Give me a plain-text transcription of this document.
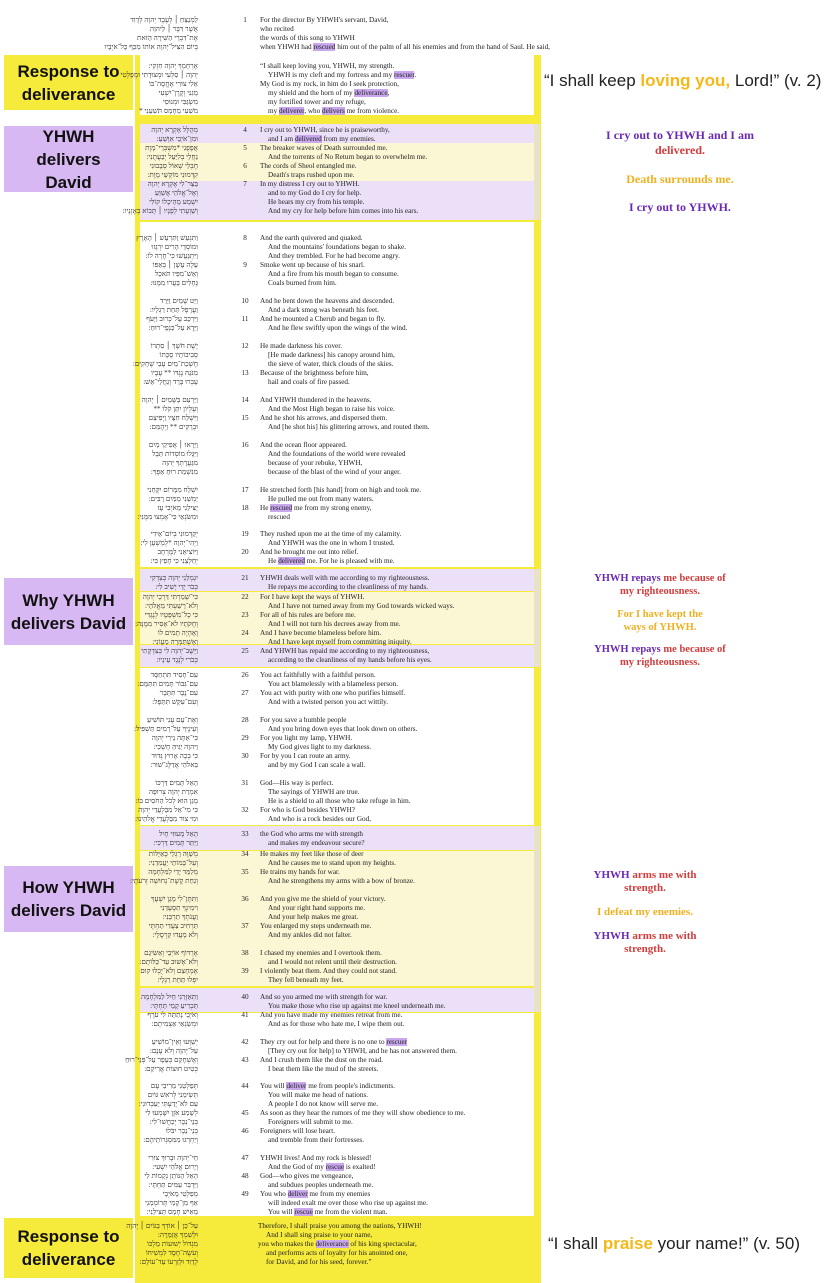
Response to deliverance
YHWH delivers David
Why YHWH delivers David
How YHWH delivers David
Response to deliverance
לַמְנַצֵּחַ ׀ לְעֶבֶד יְהוָה לְדָוִד
אֲשֶׁר דִּבֶּר ׀ לַיהוָה
אֶת־דִּבְרֵי הַשִּׁירָה הַזֹּאת
בְּיוֹם הִצִּיל־יְהוָה אוֹתוֹ מִכַּף כָּל־אֹיְבָיו
1	For the director By YHWH's servant, David,
who recited
the words of this song to YHWH
when YHWH had rescued him out of the palm of all his enemies and from the hand of Saul. He said,
אֶרְחָמְךָ יְהוָה חִזְקִי:
יְהוָה ׀ סַלְעִי וּמְצוּדָתִי וּמְפַלְטִי
אֵלִי צוּרִי אֶחֱסֶה־בּוֹ
מָגִנִּי וְקֶרֶן־יִשְׁעִי
מִשְׂגַּבִּי וּמְנוּסִי
מֹשִׁעִי מֵחָמָס תֹּשִׁעֵנִי *
“I shall keep loving you, YHWH, my strength.
YHWH is my cleft and my fortress and my rescuer.
My God is my rock, in him do I seek protection,
my shield and the horn of my deliverance,
my fortified tower and my refuge,
my deliverer, who delivers me from violence.
4
מְהֻלָּל אֶקְרָא יְהוָה
וּמִן־אֹיְבַי אִוָּשֵׁעַ:
I cry out to YHWH, since he is praiseworthy,
and I am delivered from my enemies.
5
אֲפָפֻנִי *מִשְׁבְּרֵי־מָוֶת
נַחֲלֵי בְלִיַּעַל יְבַעֲתֻנִי:
The breaker waves of Death surrounded me.
And the torrents of No Return began to overwhelm me.
6
חֶבְלֵי שְׁאוֹל סְבָבוּנִי
קִדְּמוּנִי מוֹקְשֵׁי מָוֶת:
The cords of Sheol entangled me.
Death's traps rushed upon me.
7
בַּצַּר־לִי אֶקְרָא יְהוָה
וְאֶל־אֱלֹהַי אֲשַׁוֵּעַ
יִשְׁמַע מֵהֵיכָלוֹ קוֹלִי
וְשַׁוְעָתִי לְפָנָיו ׀ תָּבוֹא בְאָזְנָיו:
In my distress I cry out to YHWH.
and to my God do I cry for help.
He hears my cry from his temple.
And my cry for help before him comes into his ears.
8
וַתִּגְעַשׁ וַתִּרְעַשׁ ׀ הָאָרֶץ
וּמוֹסְדֵי הָרִים יִרְגָּזוּ
וַיִּתְגָּעֲשׁוּ כִּי־חָרָה לוֹ:
And the earth quivered and quaked.
And the mountains' foundations began to shake.
And they trembled. For he had become angry.
9
עָלָה עָשָׁן ׀ בְּאַפּוֹ
וְאֵשׁ־מִפִּיו תֹּאכֵל
גֶּחָלִים בָּעֲרוּ מִמֶּנּוּ:
Smoke went up because of his snarl.
And a fire from his mouth began to consume.
Coals burned from him.
10
וַיֵּט שָׁמַיִם וַיֵּרַד
וַעֲרָפֶל תַּחַת רַגְלָיו:
And he bent down the heavens and descended.
And a dark smog was beneath his feet.
11
וַיִּרְכַּב עַל־כְּרוּב וַיָּעֹף
וַיֵּדֶא עַל־כַּנְפֵי־רוּחַ:
And he mounted a Cherub and began to fly.
And he flew swiftly upon the wings of the wind.
12
יָשֶׁת חֹשֶׁךְ ׀ סִתְרוֹ
סְבִיבוֹתָיו סֻכָּתוֹ
חֶשְׁכַת־מַיִם עָבֵי שְׁחָקִים:
He made darkness his cover.
[He made darkness] his canopy around him,
the sieve of water, thick clouds of the skies.
13
מִנֹּגַהּ נֶגְדּוֹ ** עָבָיו
עָבְרוּ בָּרָד וְגַחֲלֵי־אֵשׁ:
Because of the brightness before him,
hail and coals of fire passed.
14
וַיַּרְעֵם בַּשָּׁמַיִם ׀ יְהוָה
וְעֶלְיוֹן יִתֵּן קֹלוֹ **
And YHWH thundered in the heavens.
And the Most High began to raise his voice.
15
וַיִּשְׁלַח חִצָּיו וַיְפִיצֵם
וּבְרָקִים ** וַיְהֻמֵּם:
And he shot his arrows, and dispersed them.
And [he shot his] his glittering arrows, and routed them.
16
וַיֵּרָאוּ ׀ אֲפִיקֵי מַיִם
וַיִּגָּלוּ מוֹסְדוֹת תֵּבֵל
מִגַּעֲרָתְךָ יְהוָה
מִנִּשְׁמַת רוּחַ אַפֶּךָ:
And the ocean floor appeared.
And the foundations of the world were revealed
because of your rebuke, YHWH,
because of the blast of the wind of your anger.
17
יִשְׁלַח מִמָּרוֹם יִקָּחֵנִי
יַמְשֵׁנִי מִמַּיִם רַבִּים:
He stretched forth [his hand] from on high and took me.
He pulled me out from many waters.
18
יַצִּילֵנִי מֵאֹיְבִי עָז
וּמִשֹּׂנְאַי כִּי־אָמְצוּ מִמֶּנִּי:
He rescued me from my strong enemy,
rescued
19
יְקַדְּמוּנִי בְיוֹם־אֵידִי
וַיְהִי־יְהוָה *לְמִשְׁעָן לִי:
They rushed upon me at the time of my calamity.
And YHWH was the one in whom I trusted.
20
וַיּוֹצִיאֵנִי לַמֶּרְחָב
יְחַלְּצֵנִי כִּי חָפֵץ בִּי:
And he brought me out into relief.
He delivered me. For he is pleased with me.
21
יִגְמְלֵנִי יְהוָה כְּצִדְקִי
כְּבֹר יָדַי יָשִׁיב לִי:
YHWH deals well with me according to my righteousness.
He repays me according to the cleanliness of my hands.
22
כִּי־שָׁמַרְתִּי דַּרְכֵי יְהוָה
וְלֹא־רָשַׁעְתִּי מֵאֱלֹהָי:
For I have kept the ways of YHWH.
And I have not turned away from my God towards wicked ways.
23
כִּי כָל־מִשְׁפָּטָיו לְנֶגְדִּי
וְחֻקֹּתָיו לֹא־אָסִיר מִמֶּנָּה:
For all of his rules are before me.
And I will not turn his decrees away from me.
24
וָאֶהְיֶה תָמִים לוֹ
וָאֶשְׁתַּמְּרָה מֵעֲוֹנִי:
And I have become blameless before him.
And I have kept myself from committing iniquity.
25
וַיָּשֶׁב־יְהוָה לִי כְּצִדְקָתִי
כְּבֹרִי לְנֶגֶד עֵינָיו:
And YHWH has repaid me according to my righteousness,
according to the cleanliness of my hands before his eyes.
26
עִם־חָסִיד תִּתְחַסָּד
עִם־גִּבּוֹר תָּמִים תִּתַּמָּם:
You act faithfully with a faithful person.
You act blamelessly with a blameless person.
27
עִם־נָבָר תִּתָּבָר
וְעִם־עִקֵּשׁ תִּתַּפָּל:
You act with purity with one who purifies himself.
And with a twisted person you act wittily.
28
וְאֶת־עַם עָנִי תּוֹשִׁיעַ
וְעֵינֶיךָ עַל־רָמִים תַּשְׁפִּיל:
For you save a humble people
And you bring down eyes that look down on others.
29
כִּי־אַתָּה נֵירִי יְהוָה
וַיהוָה יַגִּיהַּ חָשְׁכִּי:
For you light my lamp, YHWH.
My God gives light to my darkness.
30
כִּי בְכָה אָרוּץ גְּדוּד
בֵּאלֹהַי אֲדַלֶּג־שׁוּר:
For by you I can route an army.
and by my God I can scale a wall.
31
הָאֵל תָּמִים דַּרְכּוֹ
אִמְרַת יְהוָה צְרוּפָה
מָגֵן הוּא לְכֹל הַחֹסִים בּוֹ:
God—His way is perfect.
The sayings of YHWH are true.
He is a shield to all those who take refuge in him.
32
כִּי מִי־אֵל מִבַּלְעֲדֵי יְהוָה
וּמִי צוּר מִבַּלְעֲדֵי אֱלֹהֵינוּ:
For who is God besides YHWH?
And who is a rock besides our God,
33
הָאֵל מָעוּזִּי חָיִל
וַיַּתֵּר תָּמִים דַּרְכִּי:
the God who arms me with strength
and makes my endeavour secure?
34
מְשַׁוֶּה רַגְלַי כָּאַיָּלוֹת
וְעַל־בָּמוֹתַי יַעֲמִדֵנִי:
He makes my feet like those of deer
And he causes me to stand upon my heights.
35
מְלַמֵּד יָדַי לַמִּלְחָמָה
וְנִחַת קֶשֶׁת־נְחוּשָׁה זְרֹעֹתָי:
He trains my hands for war.
And he strengthens my arms with a bow of bronze.
36
וַתִּתֶּן־לִי מָגֵן יִשְׁעֶךָ
וִימִינְךָ תִסְעָדֵנִי
וַעֲנֹתְךָ תַרְבֵּנִי:
And you give me the shield of your victory.
And your right hand supports me.
And your help makes me great.
37
תַּרְחִיב צַעֲדִי תַחְתָּי
וְלֹא מָעֲדוּ קַרְסֻלָּי:
You enlarged my steps underneath me.
And my ankles did not falter.
38
אֶרְדּוֹף אוֹיְבַי וְאַשִּׂיגֵם
וְלֹא־אָשׁוּב עַד־כַּלּוֹתָם:
I chased my enemies and I overtook them.
and I would not relent until their destruction.
39
אֶמְחָצֵם וְלֹא־יֻכְלוּ קוּם
יִפְּלוּ תַּחַת רַגְלָי:
I violently beat them. And they could not stand.
They fell beneath my feet.
40
וַתְּאַזְּרֵנִי חַיִל לַמִּלְחָמָה
תַּכְרִיעַ קָמַי תַּחְתָּי:
And so you armed me with strength for war.
You make those who rise up against me kneel underneath me.
41
וְאֹיְבַי נָתַתָּה לִּי עֹרֶף
וּמְשַׂנְאַי אַצְמִיתֵם:
And you have made my enemies retreat from me.
And as for those who hate me, I wipe them out.
42
יְשַׁוְּעוּ וְאֵין־מוֹשִׁיעַ
עַל־יְהוָה וְלֹא עָנָם:
They cry out for help and there is no one to rescuer
[They cry out for help] to YHWH, and he has not answered them.
43
וְאֶשְׁחָקֵם כְּעָפָר עַל־פְּנֵי־רוּחַ
כְּטִיט חוּצוֹת אֲרִיקֵם:
And I crush them like the dust on the road.
I beat them like the mud of the streets.
44
תְּפַלְּטֵנִי מֵרִיבֵי עָם
תְּשִׂימֵנִי לְרֹאשׁ גּוֹיִם
עַם לֹא־יָדַעְתִּי יַעַבְדוּנִי:
You will deliver me from people's indictments.
You will make me head of nations.
A people I do not know will serve me.
45
לְשֵׁמַע אֹזֶן יִשָּׁמְעוּ לִי
בְּנֵי־נֵכָר יְכַחֲשׁוּ־לִי:
As soon as they hear the rumors of me they will show obedience to me.
Foreigners will submit to me.
46
בְּנֵי־נֵכָר יִבֹּלוּ
וְיַחְרְגוּ מִמִּסְגְּרוֹתֵיהֶם:
Foreigners will lose heart.
and tremble from their fortresses.
47
חַי־יְהוָה וּבָרוּךְ צוּרִי
וְיָרוּם אֱלֹהֵי יִשְׁעִי:
YHWH lives! And my rock is blessed!
And the God of my rescue is exalted!
48
הָאֵל הַנּוֹתֵן נְקָמוֹת לִי
וַיַּדְבֵּר עַמִּים תַּחְתָּי:
God—who gives me vengeance,
and subdues peoples underneath me.
49
מְפַלְּטִי מֵאֹיְבָי
אַף מִן־קָמַי תְּרוֹמְמֵנִי
מֵאִישׁ חָמָס תַּצִּילֵנִי:
You who deliver me from my enemies
will indeed exalt me over those who rise up against me.
You will rescue me from the violent man.
עַל־כֵּן ׀ אוֹדְךָ בַגּוֹיִם ׀ יְהוָה
וּלְשִׁמְךָ אֲזַמֵּרָה:
מִגְדּוֹל יְשׁוּעוֹת מַלְכּוֹ
וְעֹשֶׂה־חֶסֶד לִמְשִׁיחוֹ
לְדָוִד וּלְזַרְעוֹ עַד־עוֹלָם:
Therefore, I shall praise you among the nations, YHWH!
And I shall sing praise to your name,
you who makes the deliverance of his king spectacular,
and performs acts of loyalty for his anointed one,
for David, and for his seed, forever.”
“I shall keep loving you, Lord!” (v. 2)
“I shall praise your name!” (v. 50)
I cry out to YHWH and I am
delivered.
Death surrounds me.
I cry out to YHWH.
YHWH repays me because of
my righteousness.
For I have kept the
ways of YHWH.
YHWH repays me because of
my righteousness.
YHWH arms me with
strength.
I defeat my enemies.
YHWH arms me with
strength.
